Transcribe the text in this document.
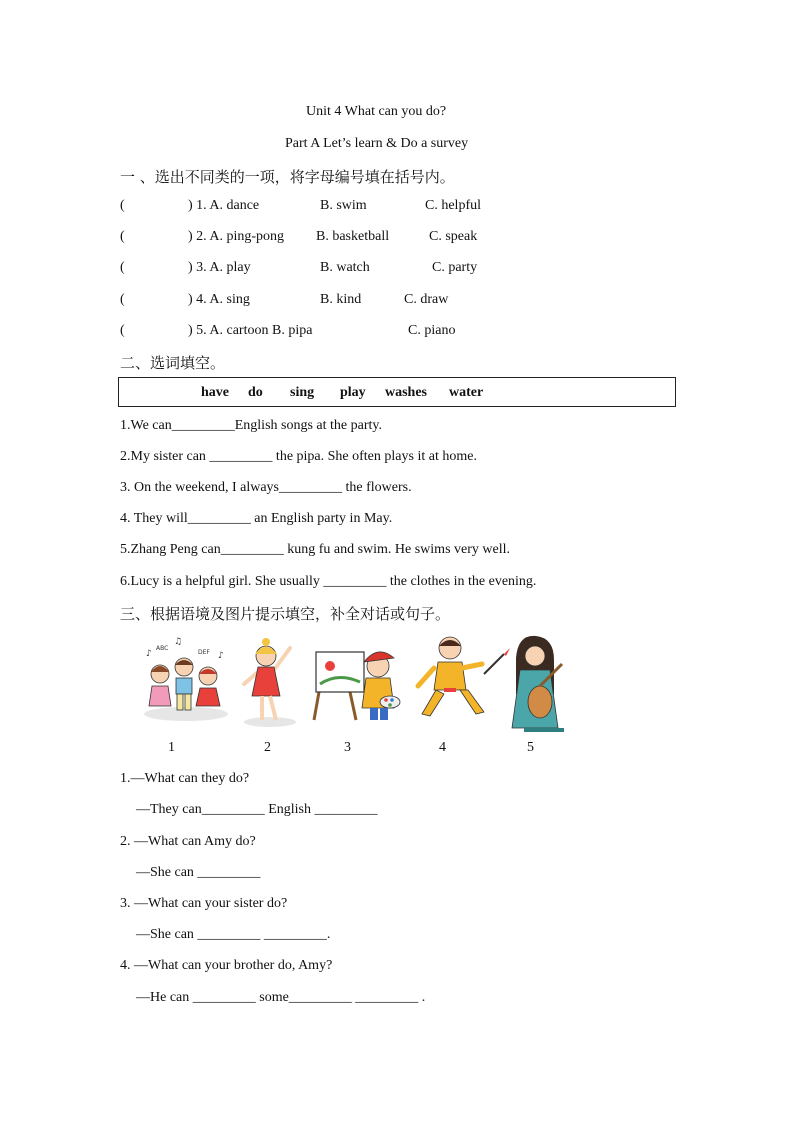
Unit 4 What can you do?
Part A Let’s learn & Do a survey
一 、选出不同类的一项，将字母编号填在括号内。
(	) 1. A. dance	B. swim	C. helpful
(	) 2. A. ping-pong B. basketball	C. speak
(	) 3. A. play	B. watch	C. party
(	) 4. A. sing	B. kind	C. draw
(	) 5. A. cartoon B. pipa	C. piano
二、选词填空。
have do sing play washes water
1.We can_________English songs at the party.
2.My sister can _________ the pipa. She often plays it at home.
3. On the weekend, I always_________ the flowers.
4. They will_________ an English party in May.
5.Zhang Peng can_________ kung fu and swim. He swims very well.
6.Lucy is a helpful girl. She usually _________ the clothes in the evening.
三、根据语境及图片提示填空，补全对话或句子。
♪
ABC
♫
DEF ♪
1	2	3	4	5
1.—What can they do?
—They can_________ English _________
2. —What can Amy do?
—She can _________
3. —What can your sister do?
—She can _________ _________.
4. —What can your brother do, Amy?
—He can _________ some_________ _________ .
